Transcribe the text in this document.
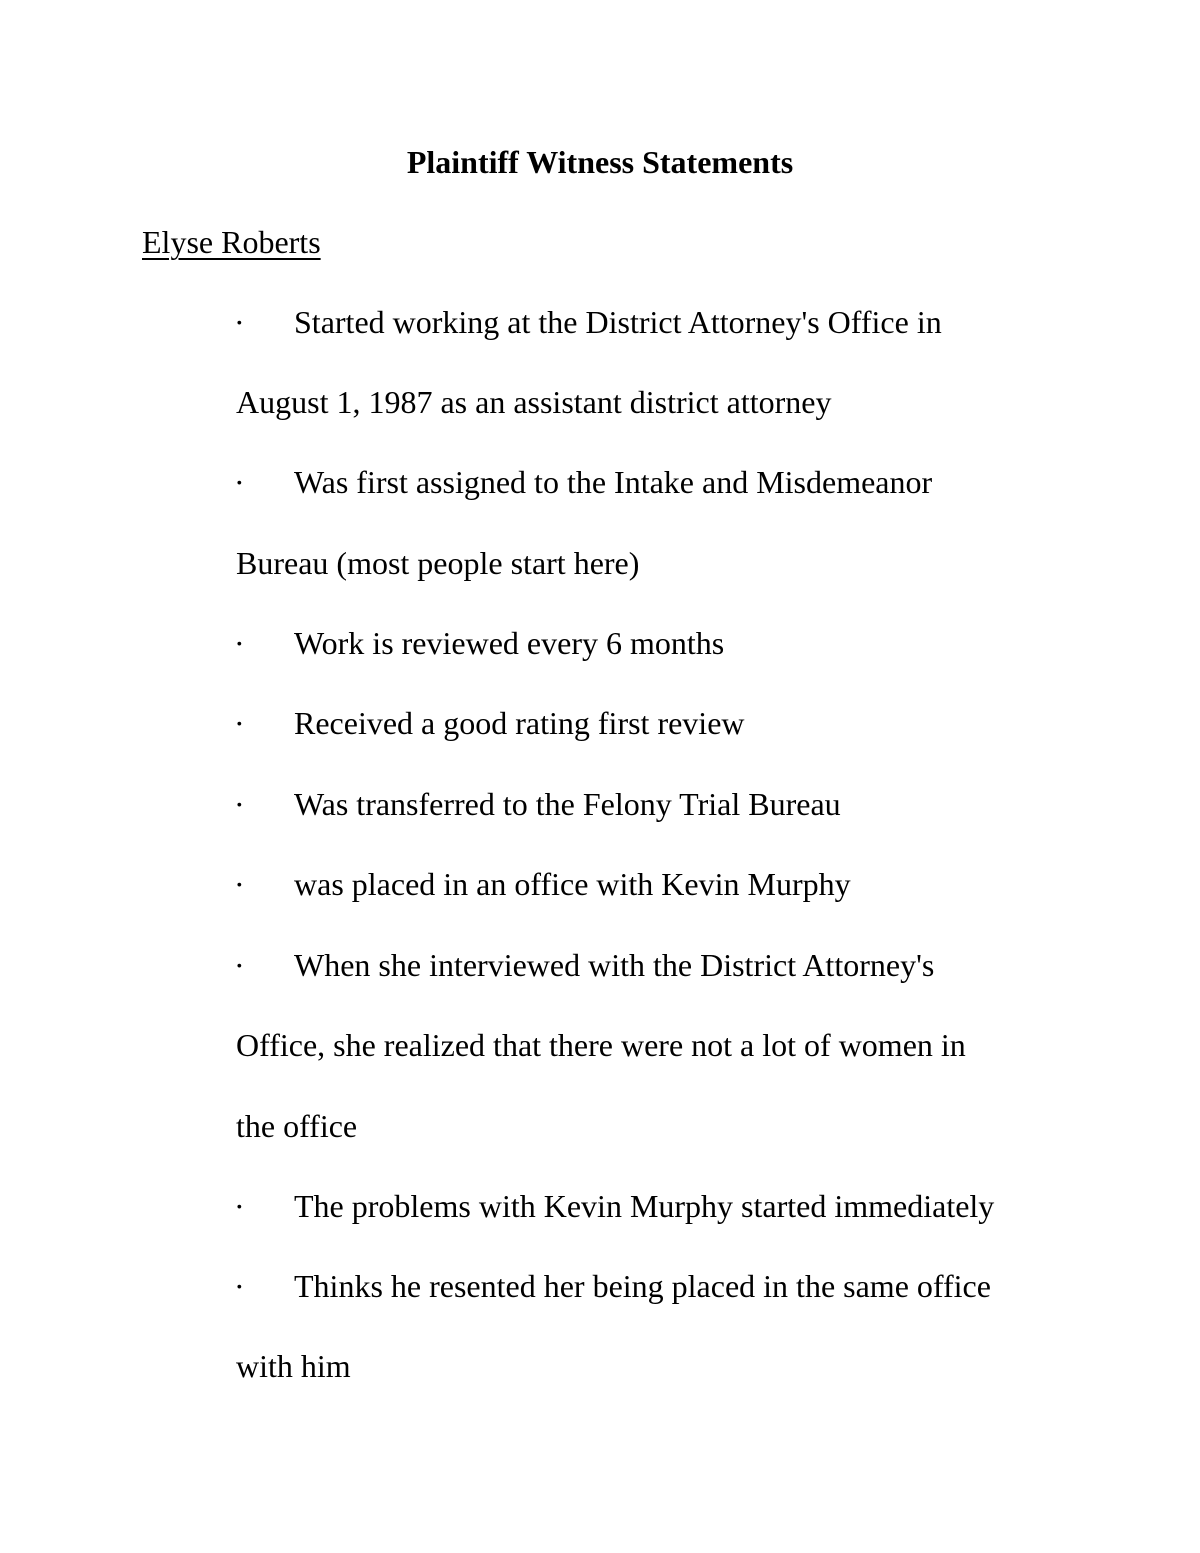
Plaintiff Witness Statements

Elyse Roberts

· Started working at the District Attorney's Office in
August 1, 1987 as an assistant district attorney
· Was first assigned to the Intake and Misdemeanor
Bureau (most people start here)
· Work is reviewed every 6 months
· Received a good rating first review
· Was transferred to the Felony Trial Bureau
· was placed in an office with Kevin Murphy
· When she interviewed with the District Attorney's
Office, she realized that there were not a lot of women in
the office
· The problems with Kevin Murphy started immediately
· Thinks he resented her being placed in the same office
with him
